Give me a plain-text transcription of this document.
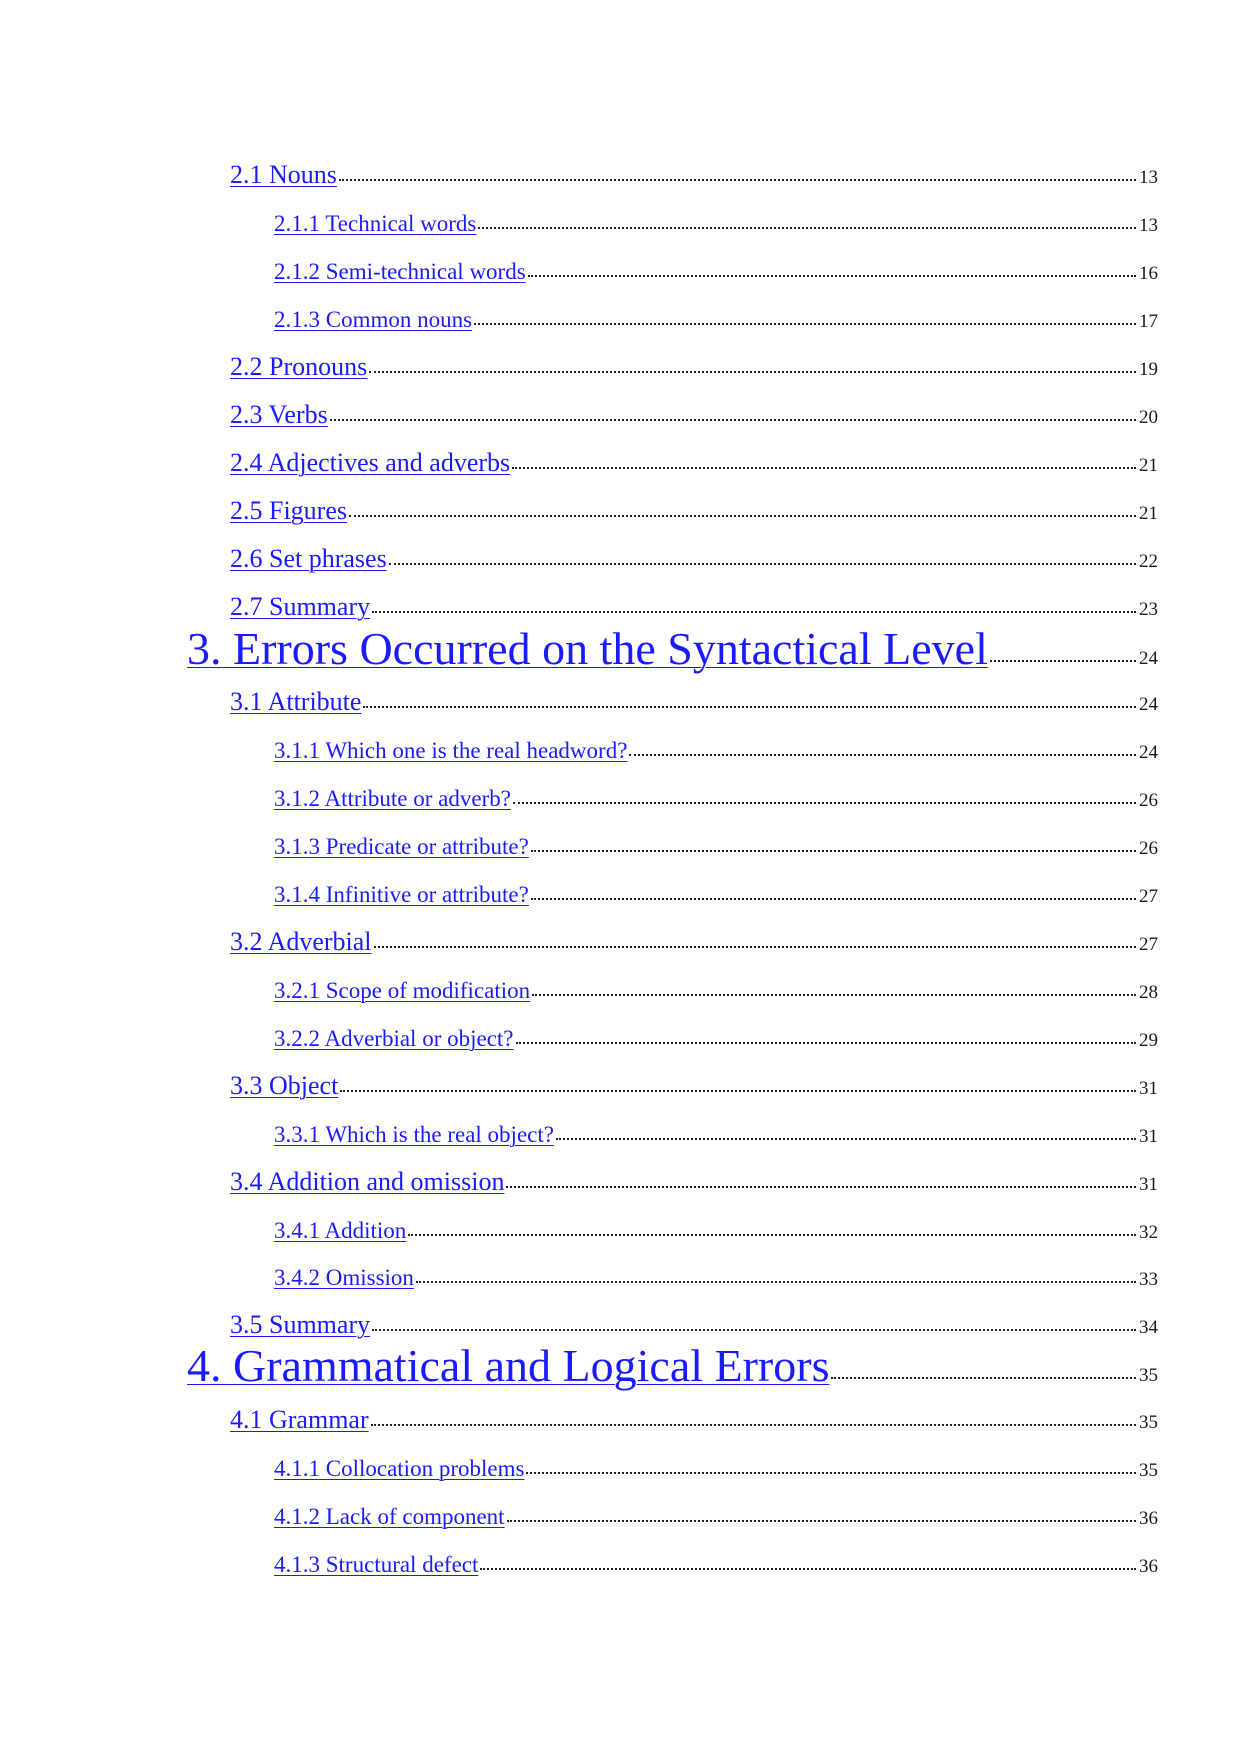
2.1 Nouns	13
2.1.1 Technical words	13
2.1.2 Semi-technical words	16
2.1.3 Common nouns	17
2.2 Pronouns	19
2.3 Verbs	20
2.4 Adjectives and adverbs	21
2.5 Figures	21
2.6 Set phrases	22
2.7 Summary	23
3. Errors Occurred on the Syntactical Level	24
3.1 Attribute	24
3.1.1 Which one is the real headword?	24
3.1.2 Attribute or adverb?	26
3.1.3 Predicate or attribute?	26
3.1.4 Infinitive or attribute?	27
3.2 Adverbial	27
3.2.1 Scope of modification	28
3.2.2 Adverbial or object?	29
3.3 Object	31
3.3.1 Which is the real object?	31
3.4 Addition and omission	31
3.4.1 Addition	32
3.4.2 Omission	33
3.5 Summary	34
4. Grammatical and Logical Errors	35
4.1 Grammar	35
4.1.1 Collocation problems	35
4.1.2 Lack of component	36
4.1.3 Structural defect	36
